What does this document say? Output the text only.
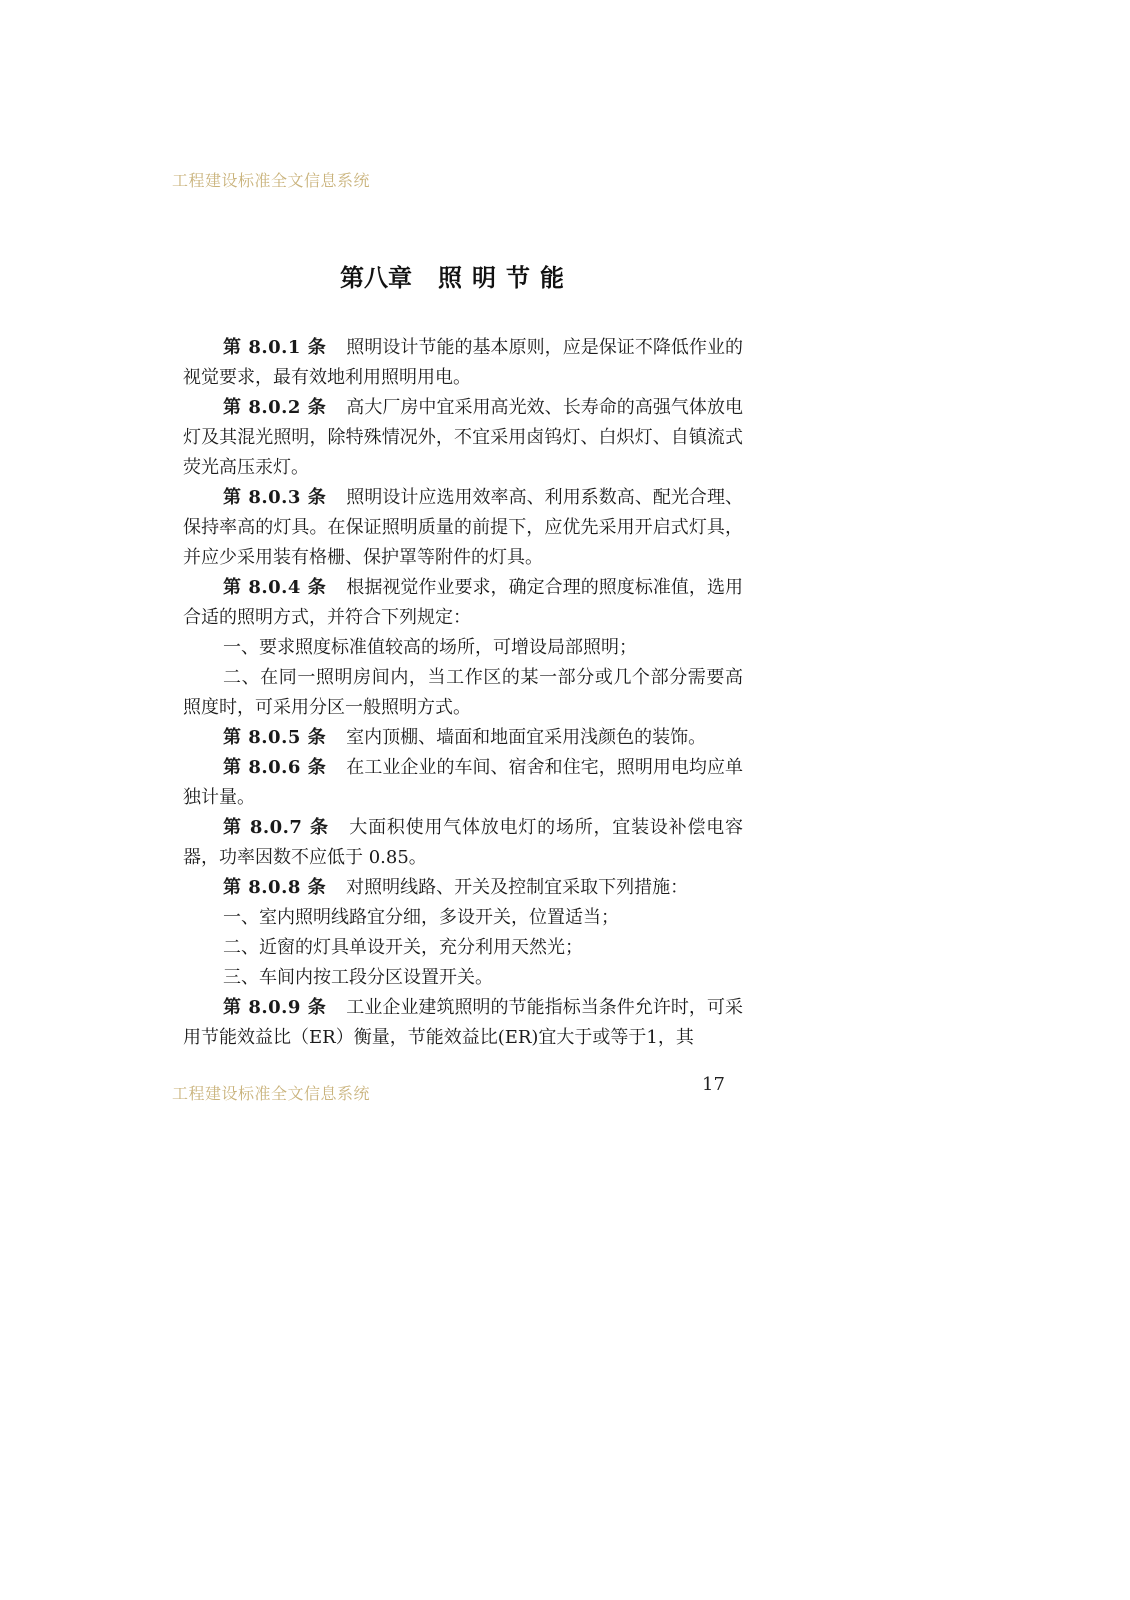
工程建设标准全文信息系统
第八章 照明节能

第 8.0.1 条 照明设计节能的基本原则，应是保证不降低作业的视觉要求，最有效地利用照明用电。

第 8.0.2 条 高大厂房中宜采用高光效、长寿命的高强气体放电灯及其混光照明，除特殊情况外，不宜采用卤钨灯、白炽灯、自镇流式荧光高压汞灯。

第 8.0.3 条 照明设计应选用效率高、利用系数高、配光合理、保持率高的灯具。在保证照明质量的前提下，应优先采用开启式灯具，并应少采用装有格栅、保护罩等附件的灯具。

第 8.0.4 条 根据视觉作业要求，确定合理的照度标准值，选用合适的照明方式，并符合下列规定：

一、要求照度标准值较高的场所，可增设局部照明；

二、在同一照明房间内，当工作区的某一部分或几个部分需要高照度时，可采用分区一般照明方式。

第 8.0.5 条 室内顶棚、墙面和地面宜采用浅颜色的装饰。

第 8.0.6 条 在工业企业的车间、宿舍和住宅，照明用电均应单独计量。

第 8.0.7 条 大面积使用气体放电灯的场所，宜装设补偿电容器，功率因数不应低于 0.85。

第 8.0.8 条 对照明线路、开关及控制宜采取下列措施：

一、室内照明线路宜分细，多设开关，位置适当；

二、近窗的灯具单设开关，充分利用天然光；

三、车间内按工段分区设置开关。

第 8.0.9 条 工业企业建筑照明的节能指标当条件允许时，可采用节能效益比（ER）衡量，节能效益比(ER)宜大于或等于1，其

17
工程建设标准全文信息系统
